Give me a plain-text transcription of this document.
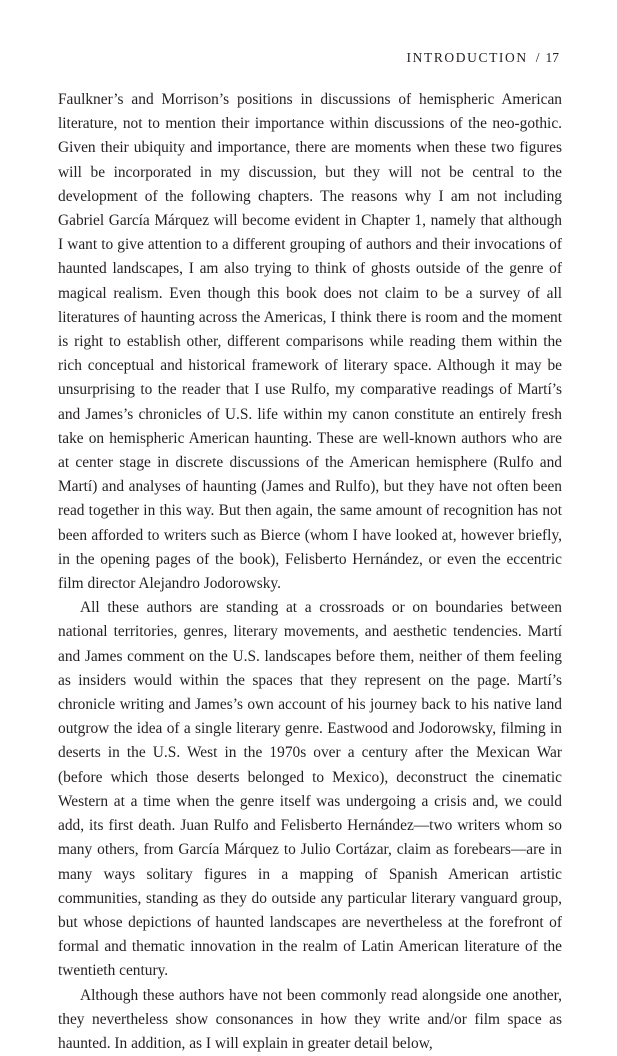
INTRODUCTION / 17

Faulkner’s and Morrison’s positions in discussions of hemispheric American literature, not to mention their importance within discussions of the neo-gothic. Given their ubiquity and importance, there are moments when these two figures will be incorporated in my discussion, but they will not be central to the development of the following chapters. The reasons why I am not including Gabriel García Márquez will become evident in Chapter 1, namely that although I want to give attention to a different grouping of authors and their invocations of haunted landscapes, I am also trying to think of ghosts outside of the genre of magical realism. Even though this book does not claim to be a survey of all literatures of haunting across the Americas, I think there is room and the moment is right to establish other, different comparisons while reading them within the rich conceptual and historical framework of literary space. Although it may be unsurprising to the reader that I use Rulfo, my comparative readings of Martí’s and James’s chronicles of U.S. life within my canon constitute an entirely fresh take on hemispheric American haunting. These are well-known authors who are at center stage in discrete discussions of the American hemisphere (Rulfo and Martí) and analyses of haunting (James and Rulfo), but they have not often been read together in this way. But then again, the same amount of recognition has not been afforded to writers such as Bierce (whom I have looked at, however briefly, in the opening pages of the book), Felisberto Hernández, or even the eccentric film director Alejandro Jodorowsky.

All these authors are standing at a crossroads or on boundaries between national territories, genres, literary movements, and aesthetic tendencies. Martí and James comment on the U.S. landscapes before them, neither of them feeling as insiders would within the spaces that they represent on the page. Martí’s chronicle writing and James’s own account of his journey back to his native land outgrow the idea of a single literary genre. Eastwood and Jodorowsky, filming in deserts in the U.S. West in the 1970s over a century after the Mexican War (before which those deserts belonged to Mexico), deconstruct the cinematic Western at a time when the genre itself was undergoing a crisis and, we could add, its first death. Juan Rulfo and Felisberto Hernández—two writers whom so many others, from García Márquez to Julio Cortázar, claim as forebears—are in many ways solitary figures in a mapping of Spanish American artistic communities, standing as they do outside any particular literary vanguard group, but whose depictions of haunted landscapes are nevertheless at the forefront of formal and thematic innovation in the realm of Latin American literature of the twentieth century.

Although these authors have not been commonly read alongside one another, they nevertheless show consonances in how they write and/or film space as haunted. In addition, as I will explain in greater detail below,
